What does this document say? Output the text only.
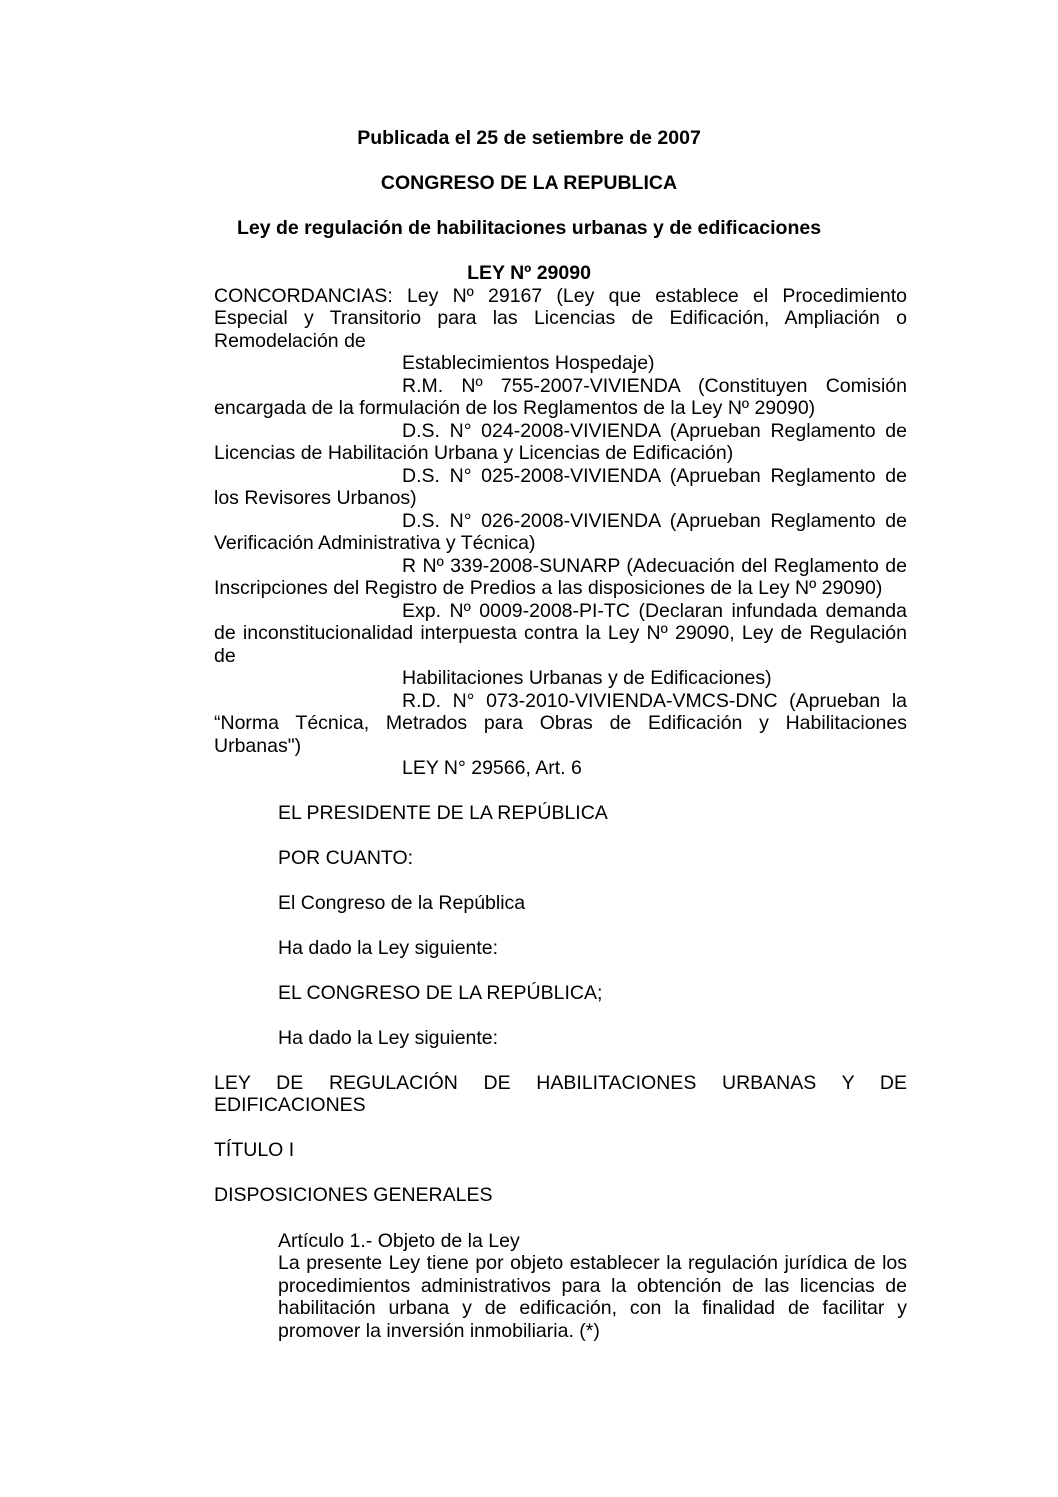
Publicada el 25 de setiembre de 2007
CONGRESO DE LA REPUBLICA
Ley de regulación de habilitaciones urbanas y de edificaciones
LEY Nº 29090
CONCORDANCIAS: Ley Nº 29167 (Ley que establece el Procedimiento
Especial y Transitorio para las Licencias de Edificación, Ampliación o
Remodelación de
Establecimientos Hospedaje)
R.M. Nº 755-2007-VIVIENDA (Constituyen Comisión
encargada de la formulación de los Reglamentos de la Ley Nº 29090)
D.S. N° 024-2008-VIVIENDA (Aprueban Reglamento de
Licencias de Habilitación Urbana y Licencias de Edificación)
D.S. N° 025-2008-VIVIENDA (Aprueban Reglamento de
los Revisores Urbanos)
D.S. N° 026-2008-VIVIENDA (Aprueban Reglamento de
Verificación Administrativa y Técnica)
R Nº 339-2008-SUNARP (Adecuación del Reglamento de
Inscripciones del Registro de Predios a las disposiciones de la Ley Nº 29090)
Exp. Nº 0009-2008-PI-TC (Declaran infundada demanda
de inconstitucionalidad interpuesta contra la Ley Nº 29090, Ley de Regulación
de
Habilitaciones Urbanas y de Edificaciones)
R.D. N° 073-2010-VIVIENDA-VMCS-DNC (Aprueban la
“Norma Técnica, Metrados para Obras de Edificación y Habilitaciones
Urbanas")
LEY N° 29566, Art. 6
EL PRESIDENTE DE LA REPÚBLICA
POR CUANTO:
El Congreso de la República
Ha dado la Ley siguiente:
EL CONGRESO DE LA REPÚBLICA;
Ha dado la Ley siguiente:
LEY DE REGULACIÓN DE HABILITACIONES URBANAS Y DE
EDIFICACIONES
TÍTULO I
DISPOSICIONES GENERALES
Artículo 1.- Objeto de la Ley
La presente Ley tiene por objeto establecer la regulación jurídica de los
procedimientos administrativos para la obtención de las licencias de
habilitación urbana y de edificación, con la finalidad de facilitar y
promover la inversión inmobiliaria. (*)
